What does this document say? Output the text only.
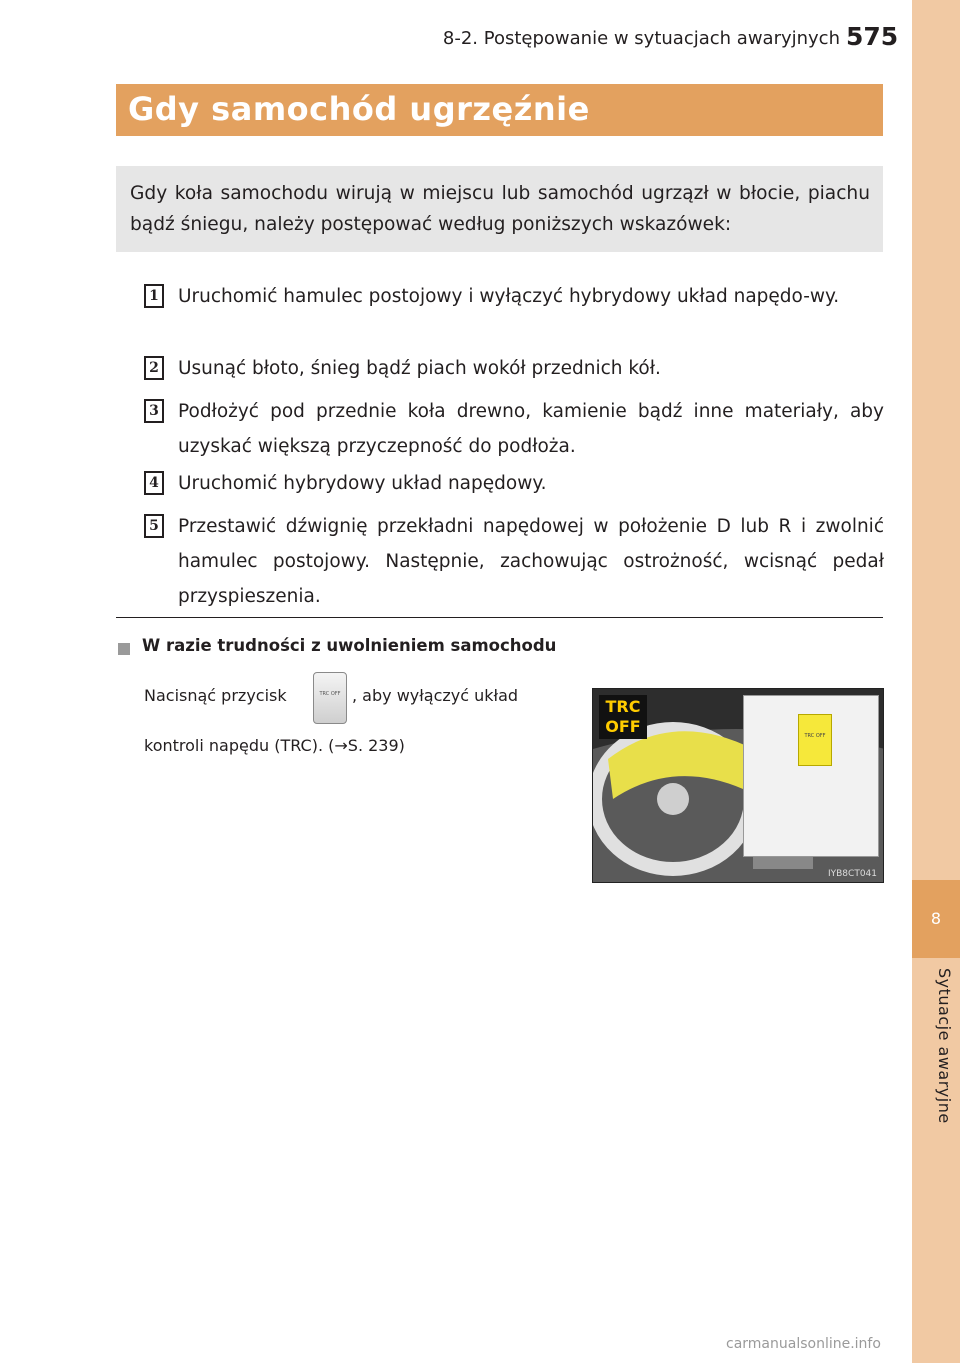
8
Sytuacje awaryjne
8-2. Postępowanie w sytuacjach awaryjnych 575
Gdy samochód ugrzęźnie

Gdy koła samochodu wirują w miejscu lub samochód ugrzązł w błocie, piachu bądź śniegu, należy postępować według poniższych wskazówek:

1 Uruchomić hamulec postojowy i wyłączyć hybrydowy układ napędo-wy.
2 Usunąć błoto, śnieg bądź piach wokół przednich kół.
3 Podłożyć pod przednie koła drewno, kamienie bądź inne materiały, aby uzyskać większą przyczepność do podłoża.
4 Uruchomić hybrydowy układ napędowy.
5 Przestawić dźwignię przekładni napędowej w położenie D lub R i zwolnić hamulec postojowy. Następnie, zachowując ostrożność, wcisnąć pedał przyspieszenia.
W razie trudności z uwolnieniem samochodu
Nacisnąć przycisk	TRC OFF , aby wyłączyć układ
kontroli napędu (TRC). (→S. 239)
TRC OFF	TRC OFF
IYB8CT041
carmanualsonline.info
